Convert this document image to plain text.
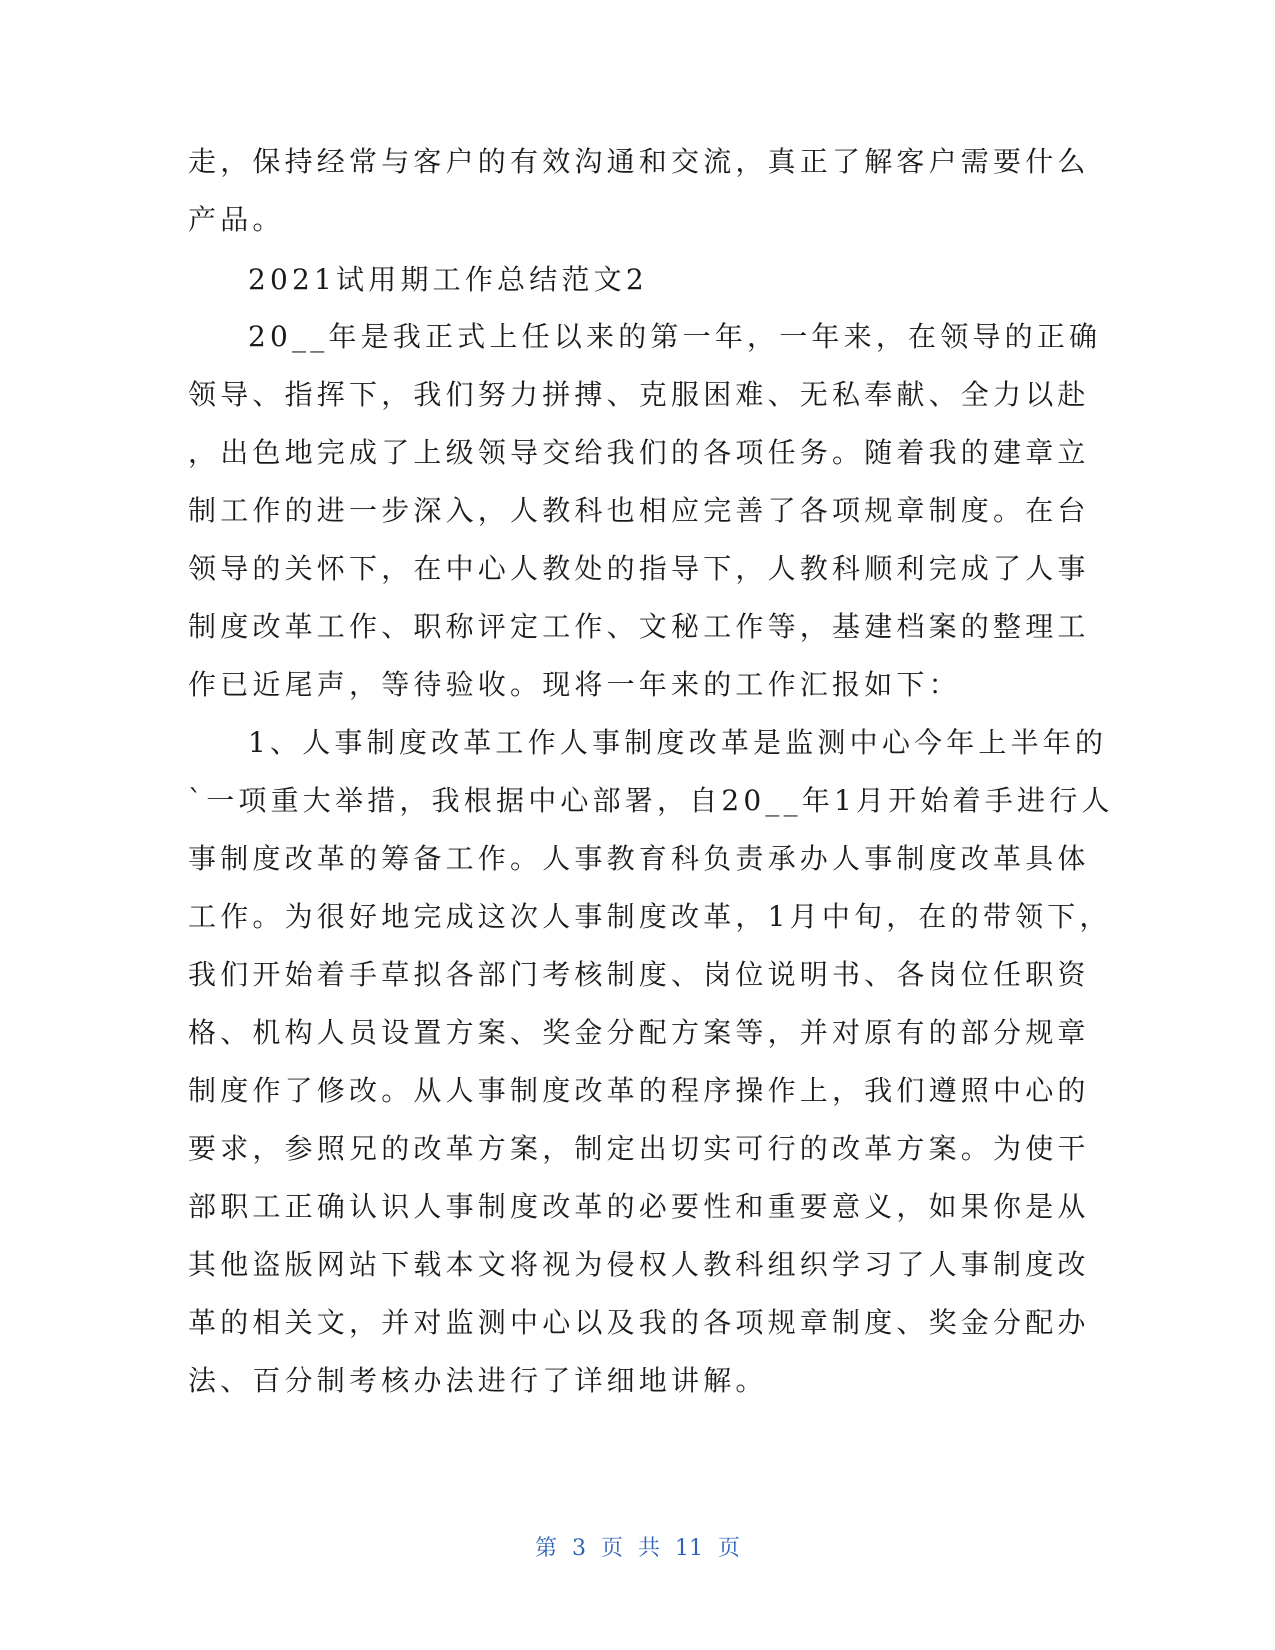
走，保持经常与客户的有效沟通和交流，真正了解客户需要什么
产品。
2021试用期工作总结范文2
20__年是我正式上任以来的第一年，一年来，在领导的正确
领导、指挥下，我们努力拼搏、克服困难、无私奉献、全力以赴
，出色地完成了上级领导交给我们的各项任务。随着我的建章立
制工作的进一步深入，人教科也相应完善了各项规章制度。在台
领导的关怀下，在中心人教处的指导下，人教科顺利完成了人事
制度改革工作、职称评定工作、文秘工作等，基建档案的整理工
作已近尾声，等待验收。现将一年来的工作汇报如下：
1、人事制度改革工作人事制度改革是监测中心今年上半年的
`一项重大举措，我根据中心部署，自20__年1月开始着手进行人
事制度改革的筹备工作。人事教育科负责承办人事制度改革具体
工作。为很好地完成这次人事制度改革，1月中旬，在的带领下，
我们开始着手草拟各部门考核制度、岗位说明书、各岗位任职资
格、机构人员设置方案、奖金分配方案等，并对原有的部分规章
制度作了修改。从人事制度改革的程序操作上，我们遵照中心的
要求，参照兄的改革方案，制定出切实可行的改革方案。为使干
部职工正确认识人事制度改革的必要性和重要意义，如果你是从
其他盗版网站下载本文将视为侵权人教科组织学习了人事制度改
革的相关文，并对监测中心以及我的各项规章制度、奖金分配办
法、百分制考核办法进行了详细地讲解。
第 3 页 共 11 页
